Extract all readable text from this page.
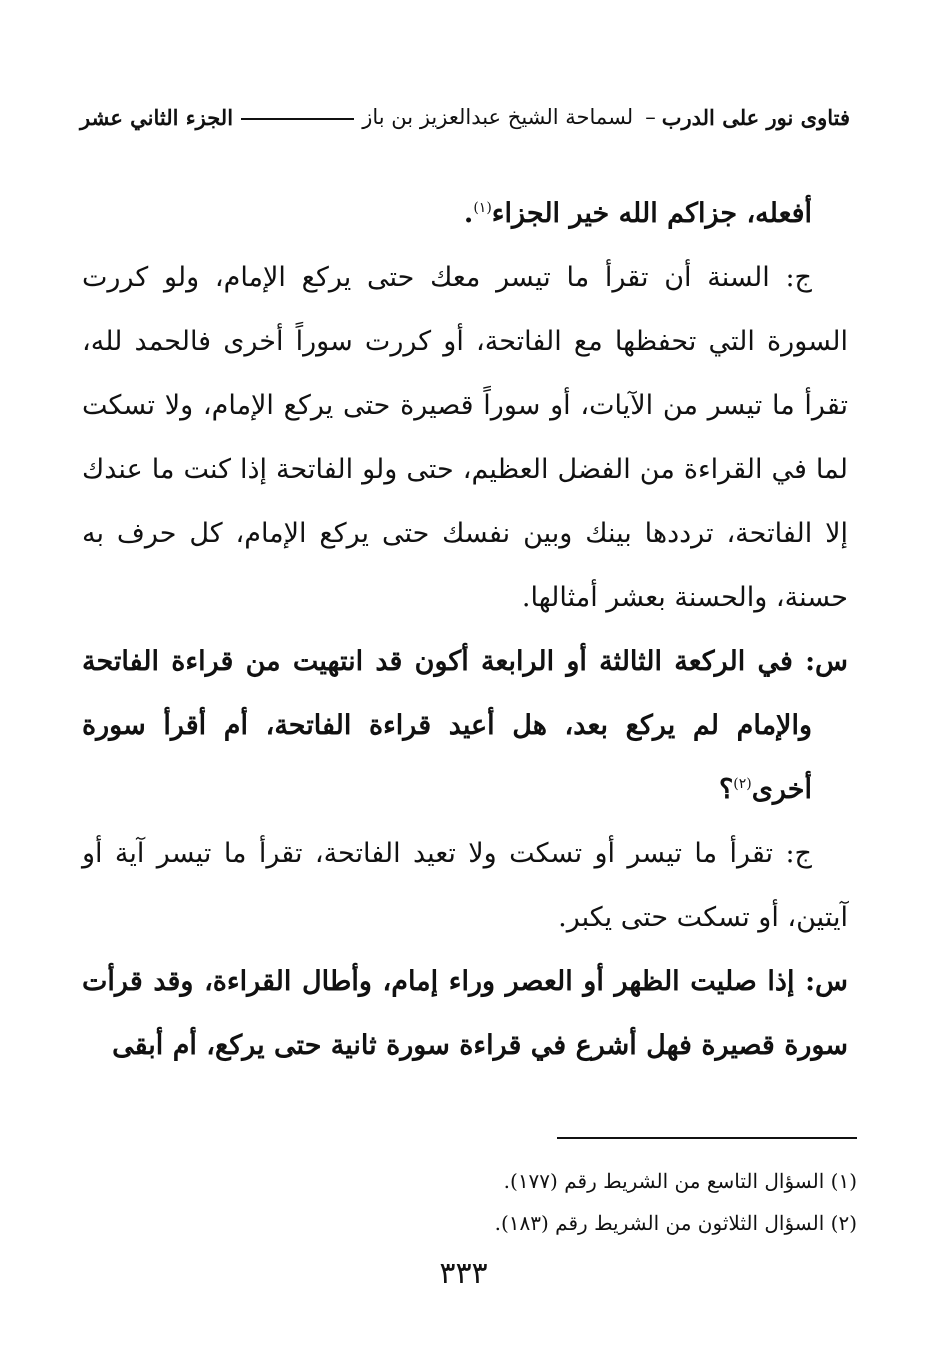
فتاوى نور على الدرب
–
لسماحة الشيخ عبدالعزيز بن باز
الجزء الثاني عشر

أفعله، جزاكم الله خير الجزاء$^{(١)}$.

ج: السنة أن تقرأ ما تيسر معك حتى يركع الإمام، ولو كررت السورة التي تحفظها مع الفاتحة، أو كررت سوراً أخرى فالحمد لله، تقرأ ما تيسر من الآيات، أو سوراً قصيرة حتى يركع الإمام، ولا تسكت لما في القراءة من الفضل العظيم، حتى ولو الفاتحة إذا كنت ما عندك إلا الفاتحة، ترددها بينك وبين نفسك حتى يركع الإمام، كل حرف به حسنة، والحسنة بعشر أمثالها.

س: في الركعة الثالثة أو الرابعة أكون قد انتهيت من قراءة الفاتحة والإمام لم يركع بعد، هل أعيد قراءة الفاتحة، أم أقرأ سورة أخرى$^{(٢)}$؟

ج: تقرأ ما تيسر أو تسكت ولا تعيد الفاتحة، تقرأ ما تيسر آية أو آيتين، أو تسكت حتى يكبر.

س: إذا صليت الظهر أو العصر وراء إمام، وأطال القراءة، وقد قرأت سورة قصيرة فهل أشرع في قراءة سورة ثانية حتى يركع، أم أبقى

(١) السؤال التاسع من الشريط رقم (١٧٧).

(٢) السؤال الثلاثون من الشريط رقم (١٨٣).

٣٣٣
